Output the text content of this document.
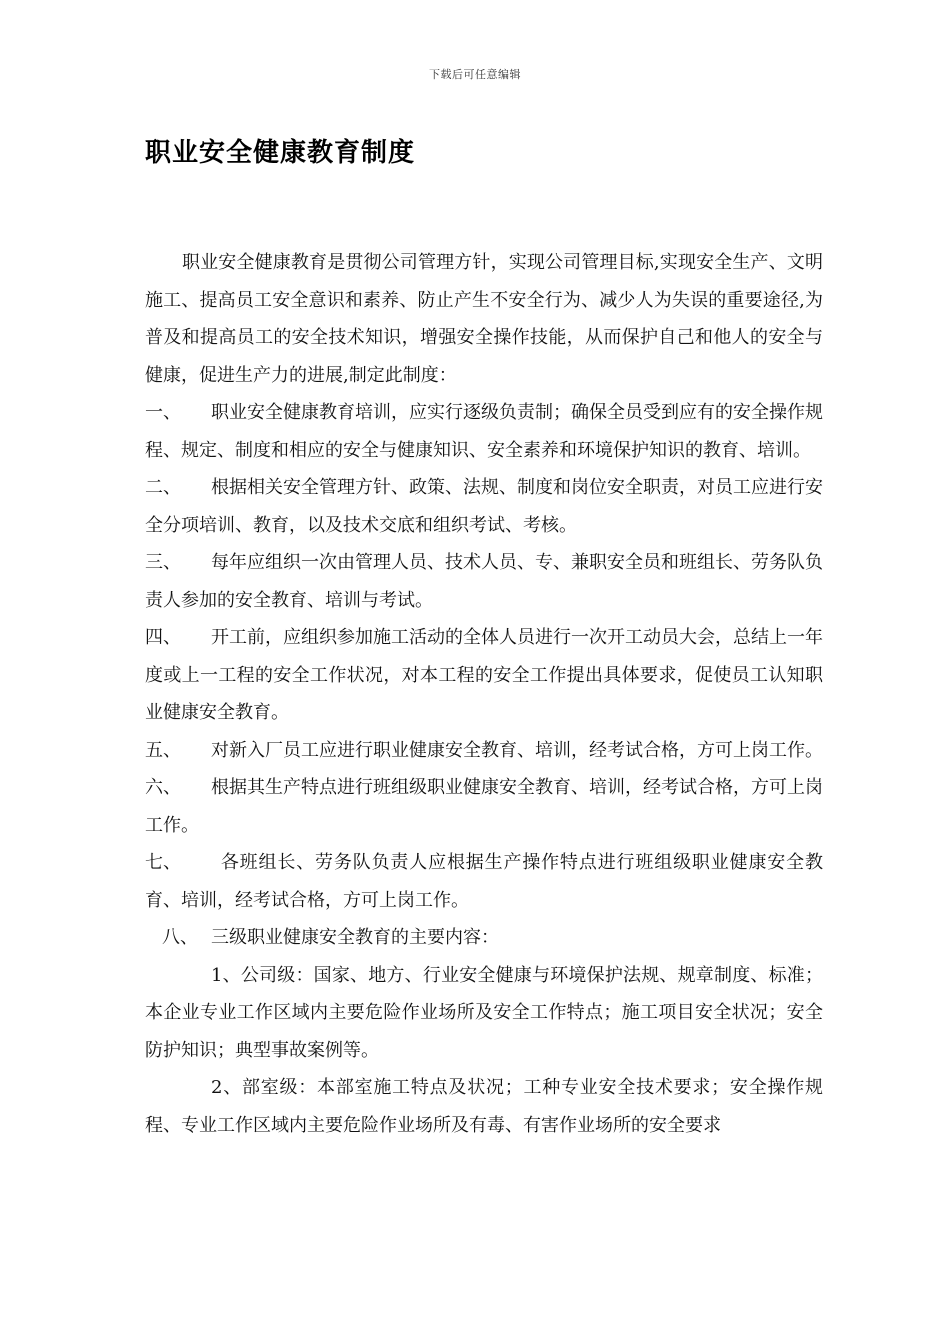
下载后可任意编辑
职业安全健康教育制度

职业安全健康教育是贯彻公司管理方针，实现公司管理目标,实现安全生产、文明施工、提高员工安全意识和素养、防止产生不安全行为、减少人为失误的重要途径,为普及和提高员工的安全技术知识，增强安全操作技能，从而保护自己和他人的安全与健康，促进生产力的进展,制定此制度：

一、 职业安全健康教育培训，应实行逐级负责制；确保全员受到应有的安全操作规程、规定、制度和相应的安全与健康知识、安全素养和环境保护知识的教育、培训。

二、 根据相关安全管理方针、政策、法规、制度和岗位安全职责，对员工应进行安全分项培训、教育，以及技术交底和组织考试、考核。

三、 每年应组织一次由管理人员、技术人员、专、兼职安全员和班组长、劳务队负责人参加的安全教育、培训与考试。

四、 开工前，应组织参加施工活动的全体人员进行一次开工动员大会，总结上一年度或上一工程的安全工作状况，对本工程的安全工作提出具体要求，促使员工认知职业健康安全教育。

五、 对新入厂员工应进行职业健康安全教育、培训，经考试合格，方可上岗工作。

六、 根据其生产特点进行班组级职业健康安全教育、培训，经考试合格，方可上岗工作。

七、 各班组长、劳务队负责人应根据生产操作特点进行班组级职业健康安全教育、培训，经考试合格，方可上岗工作。

八、 三级职业健康安全教育的主要内容：

1、公司级：国家、地方、行业安全健康与环境保护法规、规章制度、标准；本企业专业工作区域内主要危险作业场所及安全工作特点；施工项目安全状况；安全防护知识；典型事故案例等。

2、部室级：本部室施工特点及状况；工种专业安全技术要求；安全操作规程、专业工作区域内主要危险作业场所及有毒、有害作业场所的安全要求
